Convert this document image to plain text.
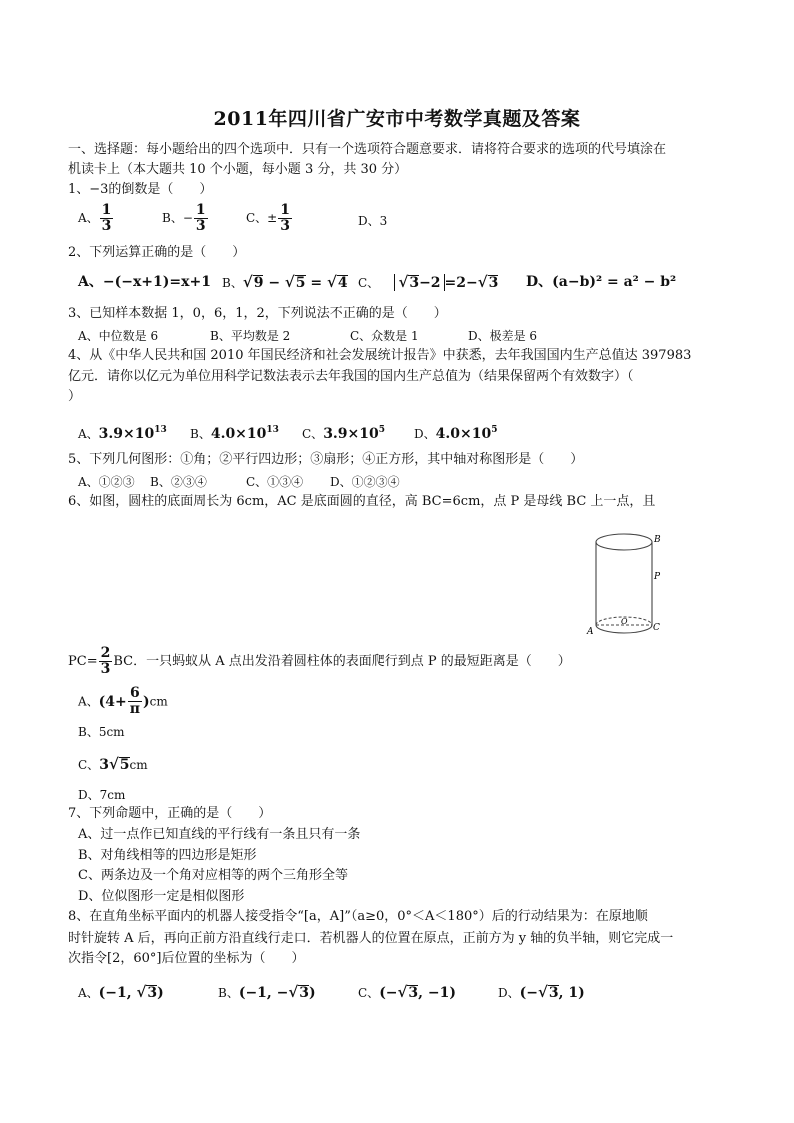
2011年四川省广安市中考数学真题及答案
一、选择题：每小题给出的四个选项中．只有一个选项符合题意要求．请将符合要求的选项的代号填涂在
机读卡上（本大题共 10 个小题，每小题 3 分，共 30 分）
1、−3的倒数是（　　）
A、 $\frac{1}{3}$	B、− $\frac{1}{3}$	C、± $\frac{1}{3}$	D、3
2、下列运算正确的是（　　）
A、−(−x+1)=x+1 B、√9 − √5 = √4 C、 √3−2 =2−√3 D、(a−b)² = a² − b²
3、已知样本数据 1，0，6，1，2，下列说法不正确的是（　　）
A、中位数是 6	B、平均数是 2	C、众数是 1	D、极差是 6
4、从《中华人民共和国 2010 年国民经济和社会发展统计报告》中获悉，去年我国国内生产总值达 397983
亿元．请你以亿元为单位用科学记数法表示去年我国的国内生产总值为（结果保留两个有效数字）（
）
A、$3.9\times 10^{13}$ B、$4.0\times 10^{13}$ C、$3.9\times 10^5$ D、$4.0\times 10^5$
5、下列几何图形：①角；②平行四边形；③扇形；④正方形，其中轴对称图形是（　　）
A、①②③ B、②③④	C、①③④ D、①②③④
6、如图，圆柱的底面周长为 6cm，AC 是底面圆的直径，高 BC=6cm，点 P 是母线 BC 上一点，且
B
P
A	C
O
$PC= \frac{2}{3}$ BC．一只蚂蚁从 A 点出发沿着圆柱体的表面爬行到点 P 的最短距离是（　　）
A、$(4+ \frac{6}{\pi} )cm$
B、5cm
C、3√5cm
D、7cm
7、下列命题中，正确的是（　　）
A、过一点作已知直线的平行线有一条且只有一条
B、对角线相等的四边形是矩形
C、两条边及一个角对应相等的两个三角形全等
D、位似图形一定是相似图形
8、在直角坐标平面内的机器人接受指令“[a，A]”（a≥0，0°＜A＜180°）后的行动结果为：在原地顺
时针旋转 A 后，再向正前方沿直线行走口．若机器人的位置在原点，正前方为 y 轴的负半轴，则它完成一
次指令[2，60°]后位置的坐标为（　　）
A、(−1, √3)	B、(−1, −√3)	C、(−√3, −1)	D、(−√3, 1)
